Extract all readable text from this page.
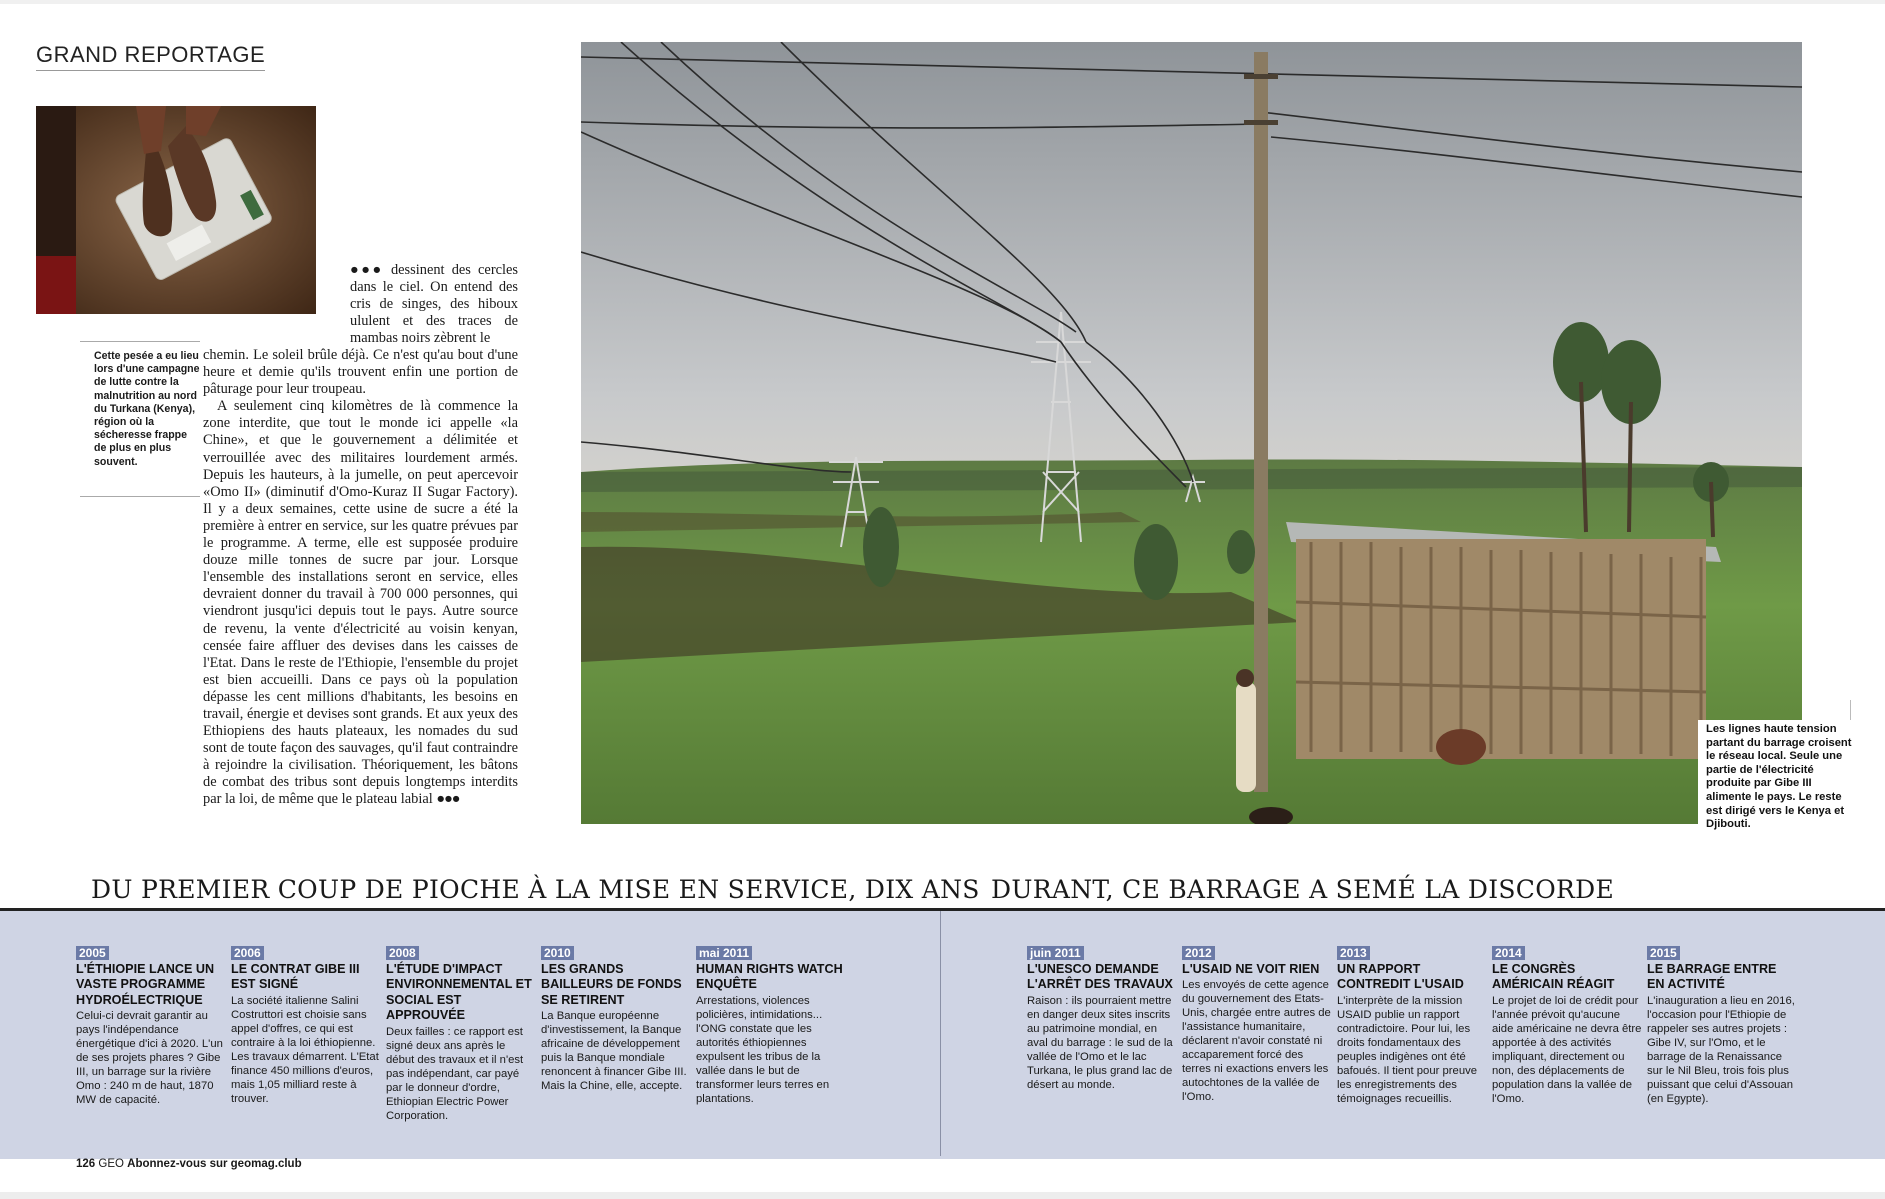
GRAND REPORTAGE
Cette pesée a eu lieu lors d'une campagne de lutte contre la malnutrition au nord du Turkana (Kenya), région où la sécheresse frappe de plus en plus souvent.
●●● dessinent des cercles dans le ciel. On entend des cris de singes, des hiboux ululent et des traces de mambas noirs zèbrent le
chemin. Le soleil brûle déjà. Ce n'est qu'au bout d'une heure et demie qu'ils trouvent enfin une portion de pâturage pour leur troupeau.
A seulement cinq kilomètres de là commence la zone interdite, que tout le monde ici appelle «la Chine», et que le gouvernement a délimitée et verrouillée avec des militaires lourdement armés. Depuis les hauteurs, à la jumelle, on peut apercevoir «Omo II» (diminutif d'Omo-Kuraz II Sugar Factory). Il y a deux semaines, cette usine de sucre a été la première à entrer en service, sur les quatre prévues par le programme. A terme, elle est supposée produire douze mille tonnes de sucre par jour. Lorsque l'ensemble des installations seront en service, elles devraient donner du travail à 700 000 personnes, qui viendront jusqu'ici depuis tout le pays. Autre source de revenu, la vente d'électricité au voisin kenyan, censée faire affluer des devises dans les caisses de l'Etat. Dans le reste de l'Ethiopie, l'ensemble du projet est bien accueilli. Dans ce pays où la population dépasse les cent millions d'habitants, les besoins en travail, énergie et devises sont grands. Et aux yeux des Ethiopiens des hauts plateaux, les nomades du sud sont de toute façon des sauvages, qu'il faut contraindre à rejoindre la civilisation. Théoriquement, les bâtons de combat des tribus sont depuis longtemps interdits par la loi, de même que le plateau labial ●●●
Les lignes haute tension partant du barrage croisent le réseau local. Seule une partie de l'électricité produite par Gibe III alimente le pays. Le reste est dirigé vers le Kenya et Djibouti.
DU PREMIER COUP DE PIOCHE À LA MISE EN SERVICE, DIX ANS DURANT, CE BARRAGE A SEMÉ LA DISCORDE
2005
L'ÉTHIOPIE LANCE UN VASTE PROGRAMME HYDROÉLECTRIQUE
Celui-ci devrait garantir au pays l'indépendance énergétique d'ici à 2020. L'un de ses projets phares ? Gibe III, un barrage sur la rivière Omo : 240 m de haut, 1870 MW de capacité.
2006
LE CONTRAT GIBE III EST SIGNÉ
La société italienne Salini Costruttori est choisie sans appel d'offres, ce qui est contraire à la loi éthiopienne. Les travaux démarrent. L'Etat finance 450 millions d'euros, mais 1,05 milliard reste à trouver.
2008
L'ÉTUDE D'IMPACT ENVIRONNEMENTAL ET SOCIAL EST APPROUVÉE
Deux failles : ce rapport est signé deux ans après le début des travaux et il n'est pas indépendant, car payé par le donneur d'ordre, Ethiopian Electric Power Corporation.
2010
LES GRANDS BAILLEURS DE FONDS SE RETIRENT
La Banque européenne d'investissement, la Banque africaine de développement puis la Banque mondiale renoncent à financer Gibe III. Mais la Chine, elle, accepte.
mai 2011
HUMAN RIGHTS WATCH ENQUÊTE
Arrestations, violences policières, intimidations... l'ONG constate que les autorités éthiopiennes expulsent les tribus de la vallée dans le but de transformer leurs terres en plantations.
juin 2011
L'UNESCO DEMANDE L'ARRÊT DES TRAVAUX
Raison : ils pourraient mettre en danger deux sites inscrits au patrimoine mondial, en aval du barrage : le sud de la vallée de l'Omo et le lac Turkana, le plus grand lac de désert au monde.
2012
L'USAID NE VOIT RIEN
Les envoyés de cette agence du gouvernement des Etats-Unis, chargée entre autres de l'assistance humanitaire, déclarent n'avoir constaté ni accaparement forcé des terres ni exactions envers les autochtones de la vallée de l'Omo.
2013
UN RAPPORT CONTREDIT L'USAID
L'interprète de la mission USAID publie un rapport contradictoire. Pour lui, les droits fondamentaux des peuples indigènes ont été bafoués. Il tient pour preuve les enregistrements des témoignages recueillis.
2014
LE CONGRÈS AMÉRICAIN RÉAGIT
Le projet de loi de crédit pour l'année prévoit qu'aucune aide américaine ne devra être apportée à des activités impliquant, directement ou non, des déplacements de population dans la vallée de l'Omo.
2015
LE BARRAGE ENTRE EN ACTIVITÉ
L'inauguration a lieu en 2016, l'occasion pour l'Ethiopie de rappeler ses autres projets : Gibe IV, sur l'Omo, et le barrage de la Renaissance sur le Nil Bleu, trois fois plus puissant que celui d'Assouan (en Egypte).
126 GEO Abonnez-vous sur geomag.club
